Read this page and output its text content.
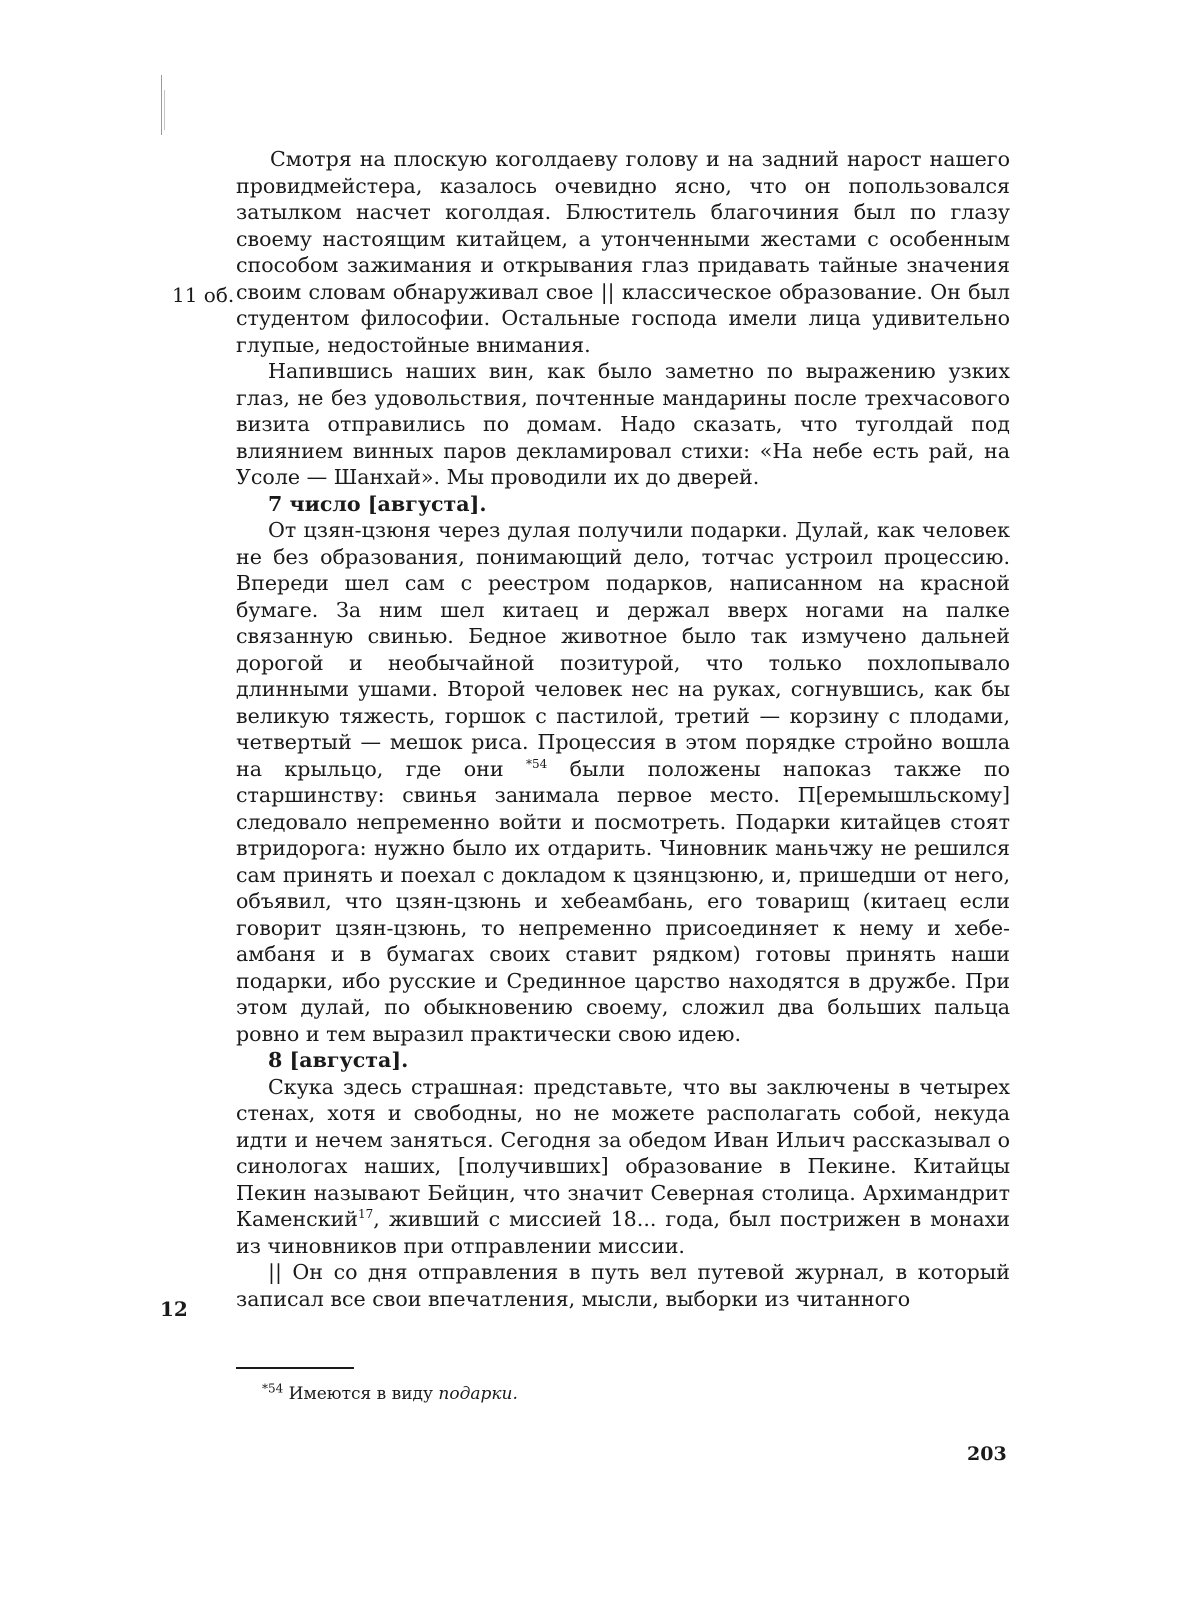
11 об.
12

Смотря на плоскую коголдаеву голову и на задний нарост нашего провидмейстера, казалось очевидно ясно, что он попользовался затылком насчет коголдая. Блюститель благочиния был по глазу своему настоящим китайцем, а утонченными жестами с особенным способом зажимания и открывания глаз придавать тайные значения своим словам обнаруживал свое || классическое образование. Он был студентом философии. Остальные господа имели лица удивительно глупые, недостойные внимания.

Напившись наших вин, как было заметно по выражению узких глаз, не без удовольствия, почтенные мандарины после трехчасового визита отправились по домам. Надо сказать, что туголдай под влиянием винных паров декламировал стихи: «На небе есть рай, на Усоле — Шанхай». Мы проводили их до дверей.

7 число [августа].

От цзян-цзюня через дулая получили подарки. Дулай, как человек не без образования, понимающий дело, тотчас устроил процессию. Впереди шел сам с реестром подарков, написанном на красной бумаге. За ним шел китаец и держал вверх ногами на палке связанную свинью. Бедное животное было так измучено дальней дорогой и необычайной позитурой, что только похлопывало длинными ушами. Второй человек нес на руках, согнувшись, как бы великую тяжесть, горшок с пастилой, третий — корзину с плодами, четвертый — мешок риса. Процессия в этом порядке стройно вошла на крыльцо, где они $^{*54}$ были положены напоказ также по старшинству: свинья занимала первое место. П[еремышльскому] следовало непременно войти и посмотреть. Подарки китайцев стоят втридорога: нужно было их отдарить. Чиновник маньчжу не решился сам принять и поехал с докладом к цзянцзюню, и, пришедши от него, объявил, что цзян-цзюнь и хебеамбань, его товарищ (китаец если говорит цзян-цзюнь, то непременно присоединяет к нему и хебе-амбаня и в бумагах своих ставит рядком) готовы принять наши подарки, ибо русские и Срединное царство находятся в дружбе. При этом дулай, по обыкновению своему, сложил два больших пальца ровно и тем выразил практически свою идею.

8 [августа].

Скука здесь страшная: представьте, что вы заключены в четырех стенах, хотя и свободны, но не можете располагать собой, некуда идти и нечем заняться. Сегодня за обедом Иван Ильич рассказывал о синологах наших, [получивших] образование в Пекине. Китайцы Пекин называют Бейцин, что значит Северная столица. Архимандрит Каменский$^{17}$, живший с миссией 18... года, был пострижен в монахи из чиновников при отправлении миссии.

|| Он со дня отправления в путь вел путевой журнал, в который записал все свои впечатления, мысли, выборки из читанного

$^{*54}$ Имеются в виду подарки.
203
